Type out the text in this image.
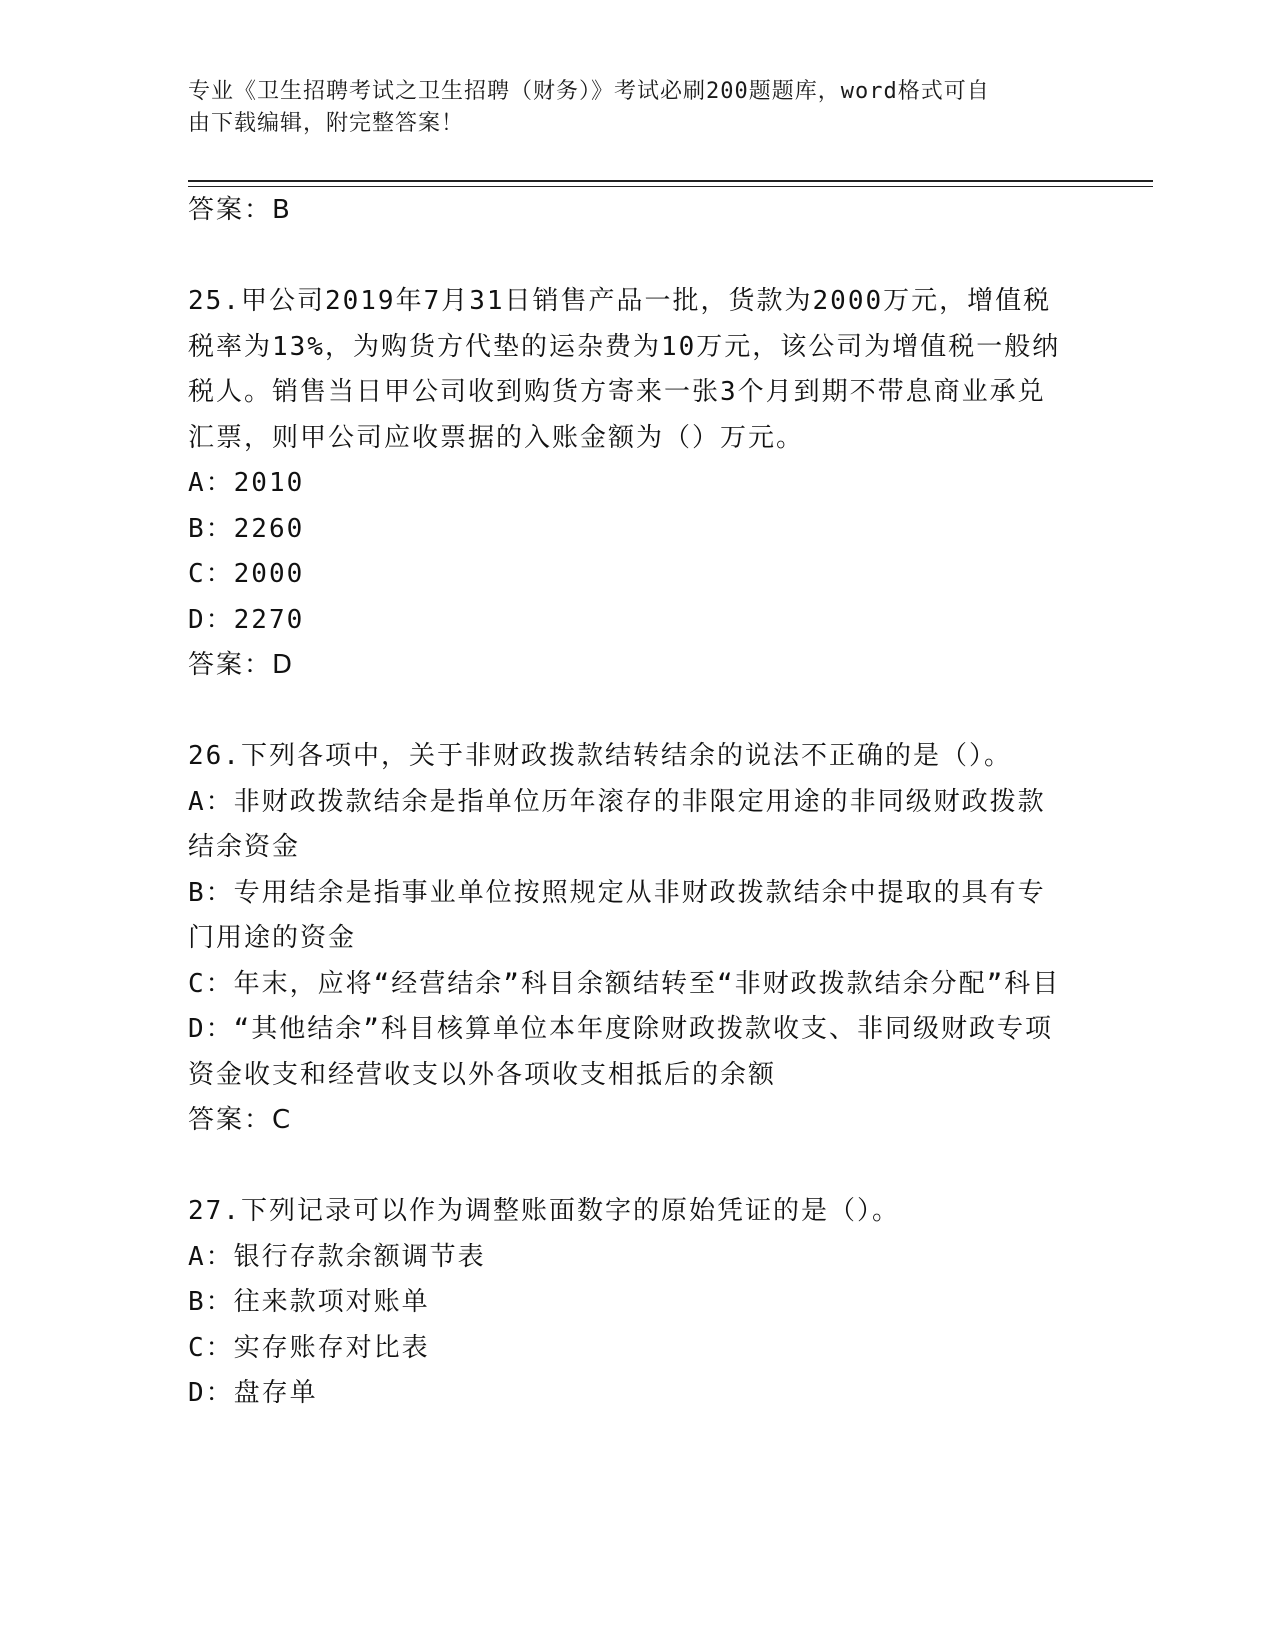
专业《卫生招聘考试之卫生招聘（财务）》考试必刷200题题库，word格式可自
由下载编辑，附完整答案！
答案：B

25.甲公司2019年7月31日销售产品一批，货款为2000万元，增值税税率为13%，为购货方代垫的运杂费为10万元，该公司为增值税一般纳税人。销售当日甲公司收到购货方寄来一张3个月到期不带息商业承兑汇票，则甲公司应收票据的入账金额为（）万元。

A：2010

B：2260

C：2000

D：2270

答案：D

26.下列各项中，关于非财政拨款结转结余的说法不正确的是（）。

A：非财政拨款结余是指单位历年滚存的非限定用途的非同级财政拨款结余资金

B：专用结余是指事业单位按照规定从非财政拨款结余中提取的具有专门用途的资金

C：年末，应将“经营结余”科目余额结转至“非财政拨款结余分配”科目

D：“其他结余”科目核算单位本年度除财政拨款收支、非同级财政专项资金收支和经营收支以外各项收支相抵后的余额

答案：C

27.下列记录可以作为调整账面数字的原始凭证的是（）。

A：银行存款余额调节表

B：往来款项对账单

C：实存账存对比表

D：盘存单
